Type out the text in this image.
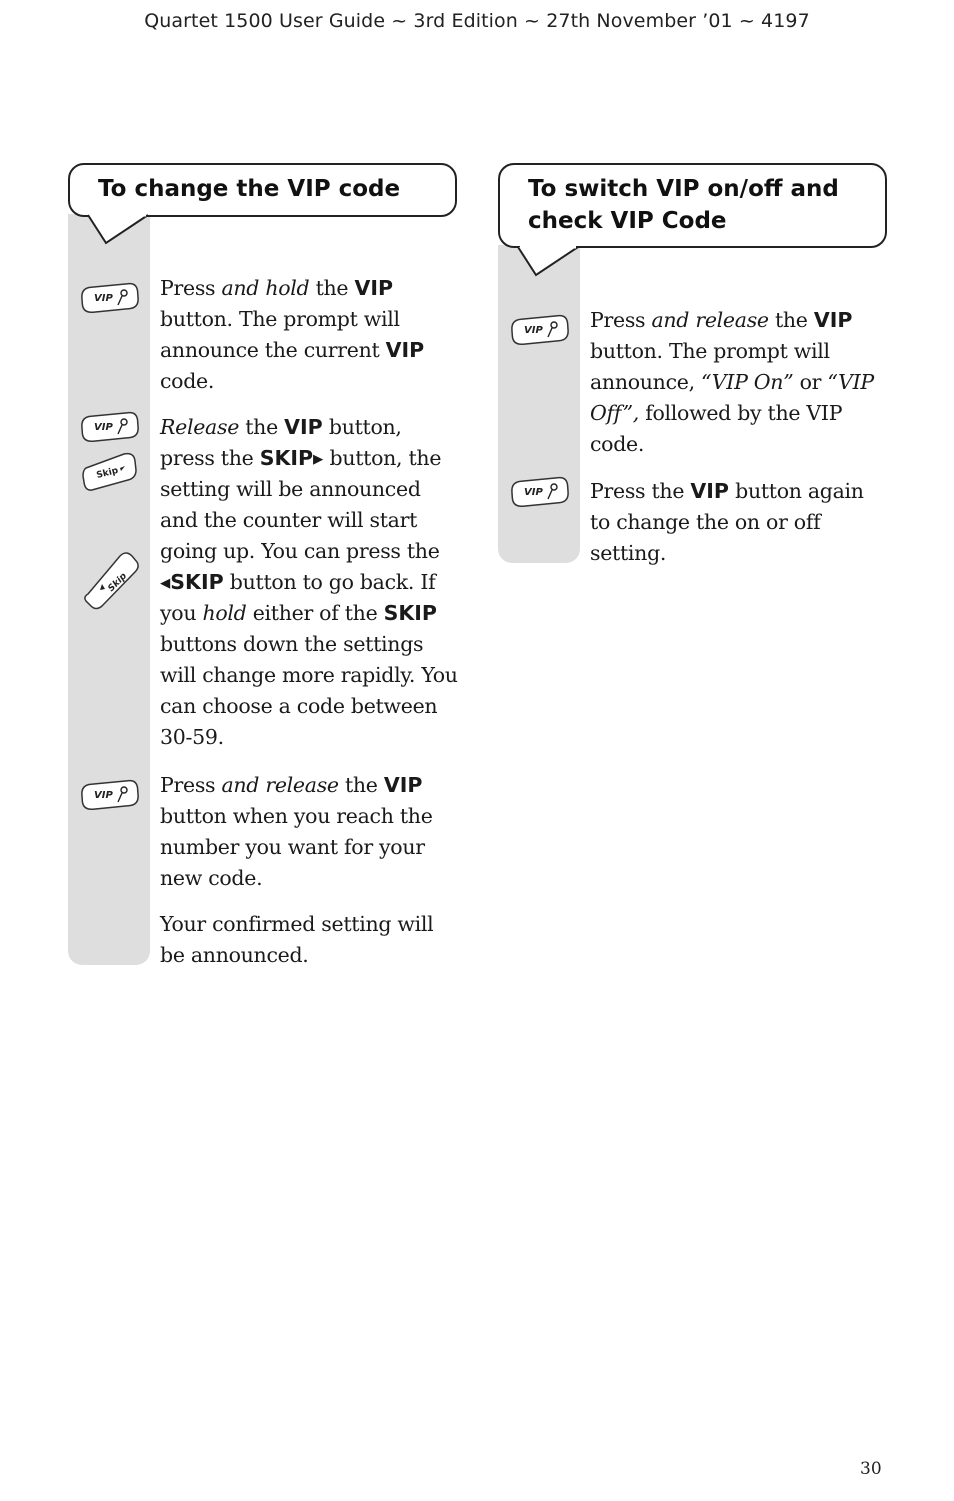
Quartet 1500 User Guide ~ 3rd Edition ~ 27th November ’01 ~ 4197
To change the VIP code
VIP
VIP
Skip
Skip
VIP

Press and hold the VIP button. The prompt will announce the current VIP code.

Release the VIP button, press the SKIP▸ button, the setting will be announced and the counter will start going up. You can press the ◂SKIP button to go back. If you hold either of the SKIP buttons down the settings will change more rapidly. You can choose a code between 30-59.

Press and release the VIP button when you reach the number you want for your new code.

Your confirmed setting will be announced.

To switch VIP on/off and
check VIP Code
VIP
VIP

Press and release the VIP button. The prompt will announce, “VIP On” or “VIP Off”, followed by the VIP code.

Press the VIP button again to change the on or off setting.

30
